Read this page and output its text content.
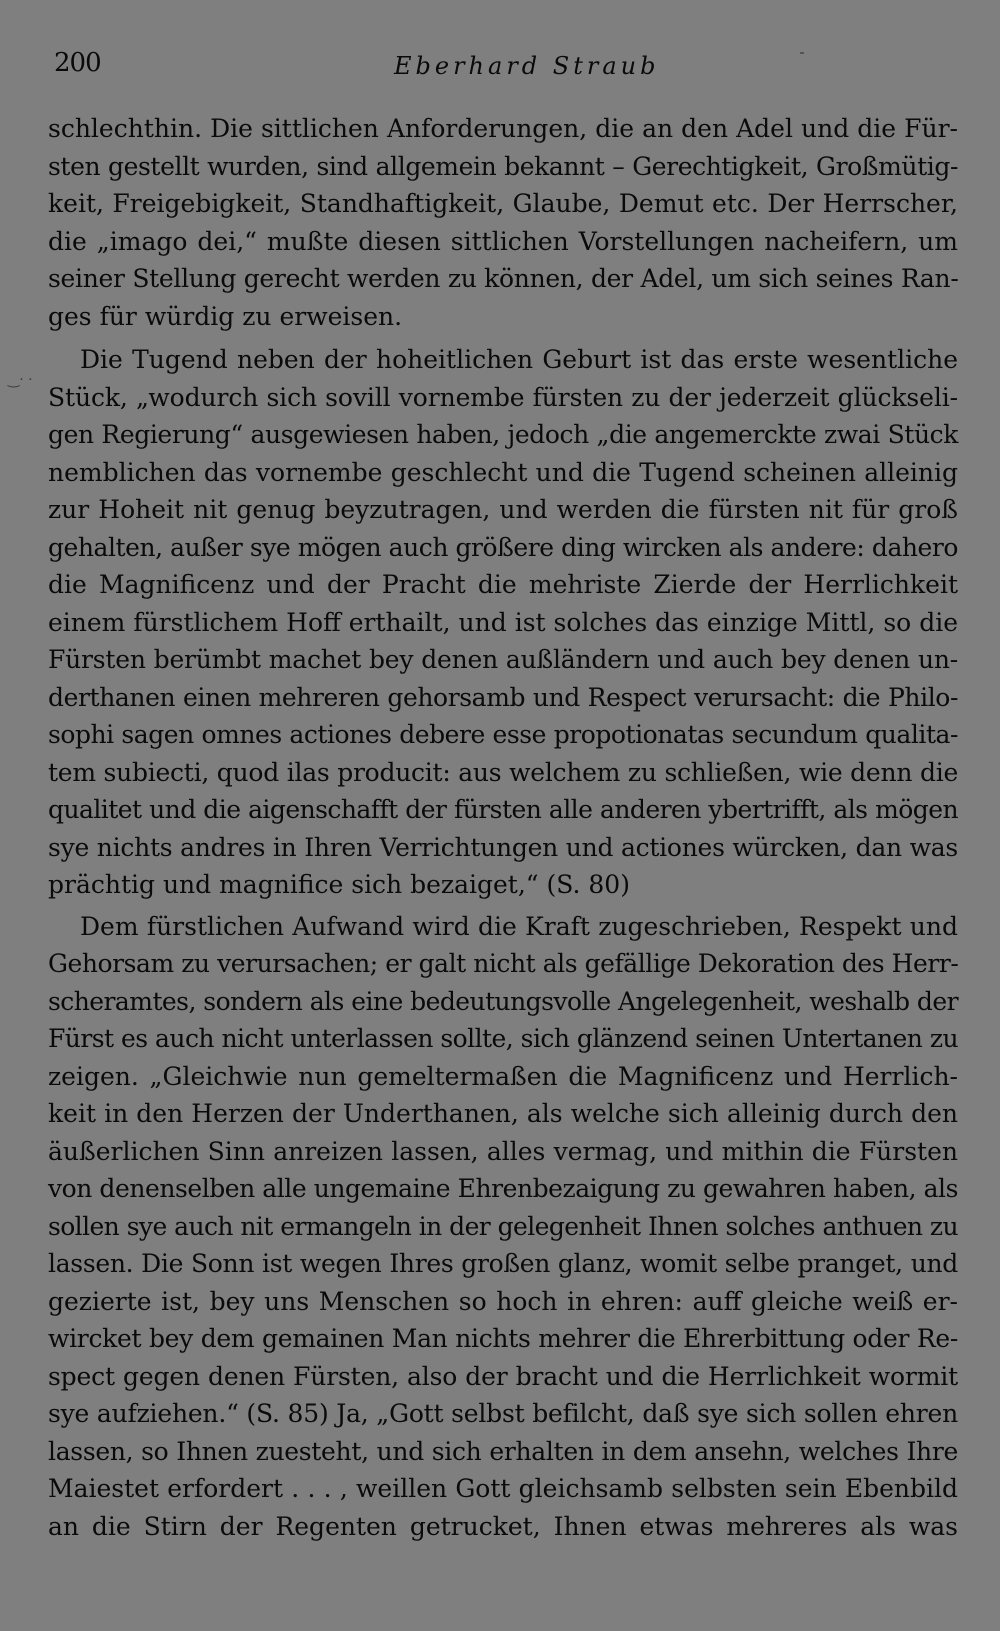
200	Eberhard Straub
‿· ·

schlechthin. Die sittlichen Anforderungen, die an den Adel und die Für-
sten gestellt wurden, sind allgemein bekannt – Gerechtigkeit, Großmütig-
keit, Freigebigkeit, Standhaftigkeit, Glaube, Demut etc. Der Herrscher,
die „imago dei,“ mußte diesen sittlichen Vorstellungen nacheifern, um
seiner Stellung gerecht werden zu können, der Adel, um sich seines Ran-
ges für würdig zu erweisen.

Die Tugend neben der hoheitlichen Geburt ist das erste wesentliche

Stück, „wodurch sich sovill vornembe fürsten zu der jederzeit glückseli-
gen Regierung“ ausgewiesen haben, jedoch „die angemerckte zwai Stück
nemblichen das vornembe geschlecht und die Tugend scheinen alleinig
zur Hoheit nit genug beyzutragen, und werden die fürsten nit für groß
gehalten, außer sye mögen auch größere ding wircken als andere: dahero
die Magnificenz und der Pracht die mehriste Zierde der Herrlichkeit
einem fürstlichem Hoff erthailt, und ist solches das einzige Mittl, so die
Fürsten berümbt machet bey denen außländern und auch bey denen un-
derthanen einen mehreren gehorsamb und Respect verursacht: die Philo-
sophi sagen omnes actiones debere esse propotionatas secundum qualita-
tem subiecti, quod ilas producit: aus welchem zu schließen, wie denn die
qualitet und die aigenschafft der fürsten alle anderen ybertrifft, als mögen
sye nichts andres in Ihren Verrichtungen und actiones würcken, dan was
prächtig und magnifice sich bezaiget,“ (S. 80)

Dem fürstlichen Aufwand wird die Kraft zugeschrieben, Respekt und

Gehorsam zu verursachen; er galt nicht als gefällige Dekoration des Herr-
scheramtes, sondern als eine bedeutungsvolle Angelegenheit, weshalb der
Fürst es auch nicht unterlassen sollte, sich glänzend seinen Untertanen zu
zeigen. „Gleichwie nun gemeltermaßen die Magnificenz und Herrlich-
keit in den Herzen der Underthanen, als welche sich alleinig durch den
äußerlichen Sinn anreizen lassen, alles vermag, und mithin die Fürsten
von denenselben alle ungemaine Ehrenbezaigung zu gewahren haben, als
sollen sye auch nit ermangeln in der gelegenheit Ihnen solches anthuen zu
lassen. Die Sonn ist wegen Ihres großen glanz, womit selbe pranget, und
gezierte ist, bey uns Menschen so hoch in ehren: auff gleiche weiß er-
wircket bey dem gemainen Man nichts mehrer die Ehrerbittung oder Re-
spect gegen denen Fürsten, also der bracht und die Herrlichkeit wormit
sye aufziehen.“ (S. 85) Ja, „Gott selbst befilcht, daß sye sich sollen ehren
lassen, so Ihnen zuesteht, und sich erhalten in dem ansehn, welches Ihre
Maiestet erfordert . . . , weillen Gott gleichsamb selbsten sein Ebenbild
an die Stirn der Regenten getrucket, Ihnen etwas mehreres als was
